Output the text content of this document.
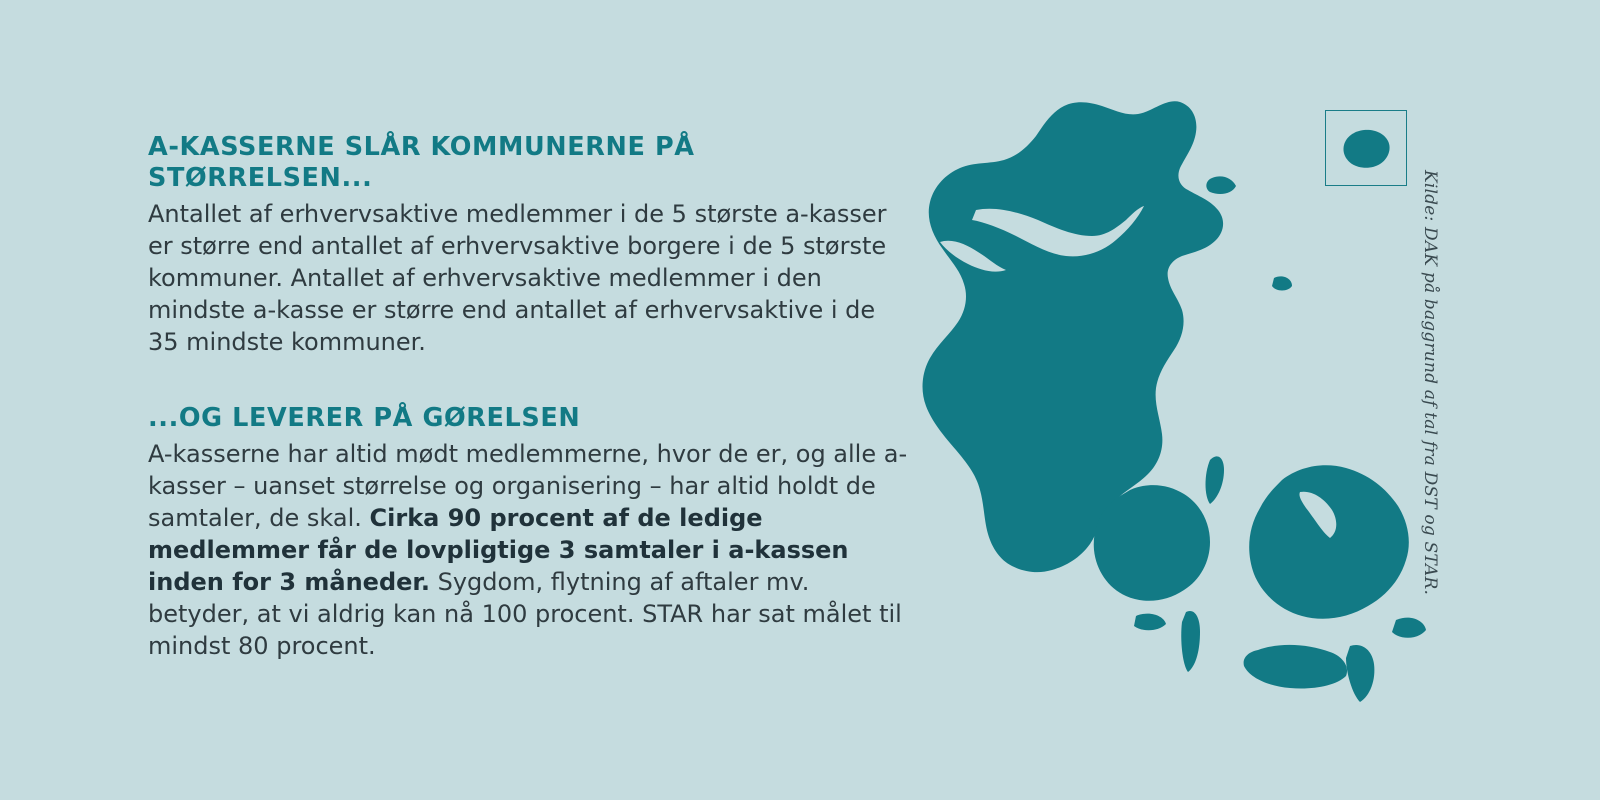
A-KASSERNE SLÅR KOMMUNERNE PÅ STØRRELSEN...

Antallet af erhvervsaktive medlemmer i de 5 største a-kasser er større end antallet af erhvervsaktive borgere i de 5 største kommuner. Antallet af erhvervsaktive medlemmer i den mindste a-kasse er større end antallet af erhvervsaktive i de 35 mindste kommuner.

...OG LEVERER PÅ GØRELSEN

A-kasserne har altid mødt medlemmerne, hvor de er, og alle a-kasser – uanset størrelse og organisering – har altid holdt de samtaler, de skal. Cirka 90 procent af de ledige medlemmer får de lovpligtige 3 samtaler i a-kassen inden for 3 måneder. Sygdom, flytning af aftaler mv. betyder, at vi aldrig kan nå 100 procent. STAR har sat målet til mindst 80 procent.

Kilde: DAK på baggrund af tal fra DST og STAR.
